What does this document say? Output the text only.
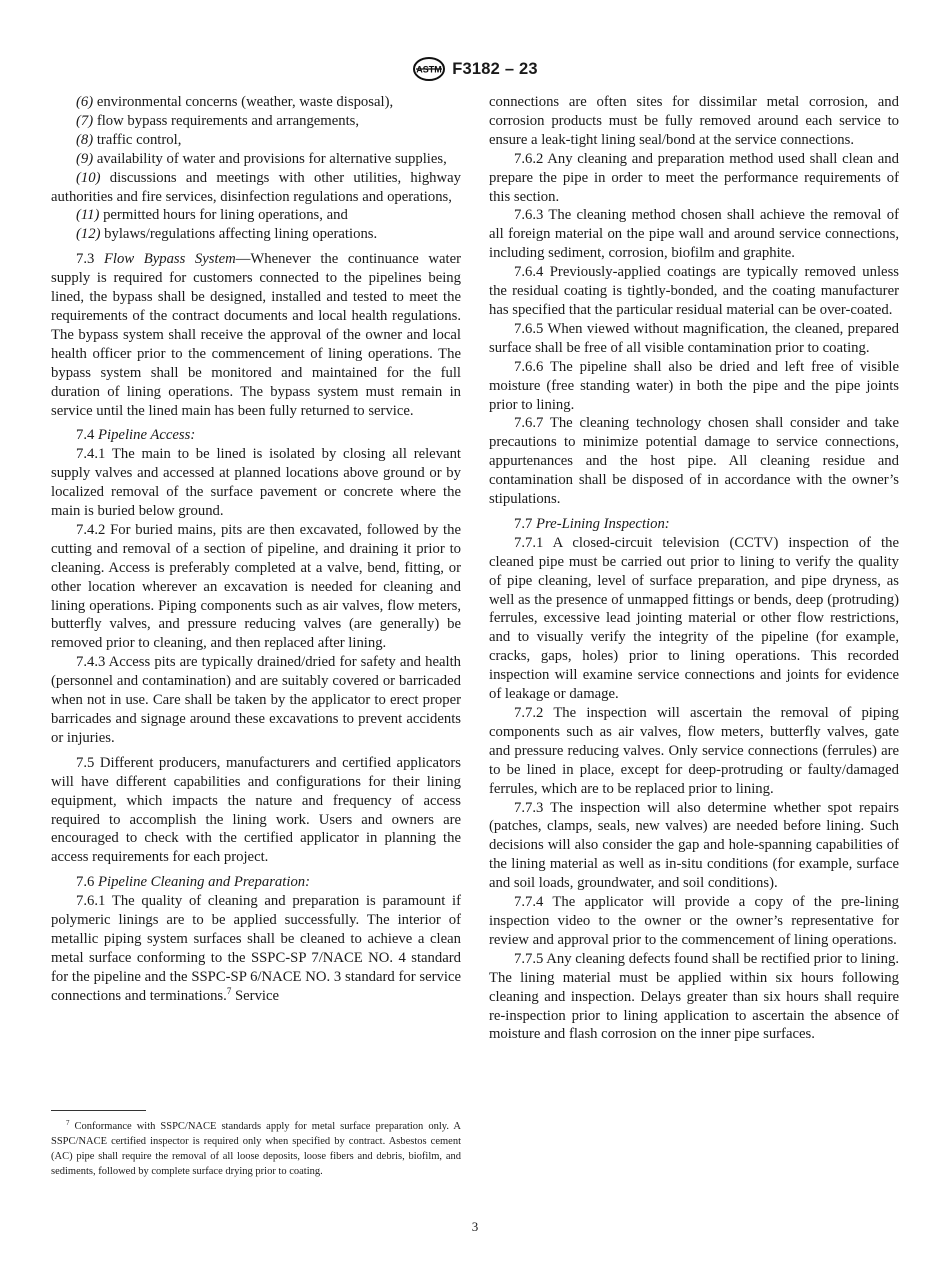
ASTM F3182 – 23

(6) environmental concerns (weather, waste disposal),

(7) flow bypass requirements and arrangements,

(8) traffic control,

(9) availability of water and provisions for alternative supplies,

(10) discussions and meetings with other utilities, highway authorities and fire services, disinfection regulations and operations,

(11) permitted hours for lining operations, and

(12) bylaws/regulations affecting lining operations.

7.3 Flow Bypass System—Whenever the continuance water supply is required for customers connected to the pipelines being lined, the bypass shall be designed, installed and tested to meet the requirements of the contract documents and local health regulations. The bypass system shall receive the approval of the owner and local health officer prior to the commencement of lining operations. The bypass system shall be monitored and maintained for the full duration of lining operations. The bypass system must remain in service until the lined main has been fully returned to service.

7.4 Pipeline Access:

7.4.1 The main to be lined is isolated by closing all relevant supply valves and accessed at planned locations above ground or by localized removal of the surface pavement or concrete where the main is buried below ground.

7.4.2 For buried mains, pits are then excavated, followed by the cutting and removal of a section of pipeline, and draining it prior to cleaning. Access is preferably completed at a valve, bend, fitting, or other location wherever an excavation is needed for cleaning and lining operations. Piping components such as air valves, flow meters, butterfly valves, and pressure reducing valves (are generally) be removed prior to cleaning, and then replaced after lining.

7.4.3 Access pits are typically drained/dried for safety and health (personnel and contamination) and are suitably covered or barricaded when not in use. Care shall be taken by the applicator to erect proper barricades and signage around these excavations to prevent accidents or injuries.

7.5 Different producers, manufacturers and certified applicators will have different capabilities and configurations for their lining equipment, which impacts the nature and frequency of access required to accomplish the lining work. Users and owners are encouraged to check with the certified applicator in planning the access requirements for each project.

7.6 Pipeline Cleaning and Preparation:

7.6.1 The quality of cleaning and preparation is paramount if polymeric linings are to be applied successfully. The interior of metallic piping system surfaces shall be cleaned to achieve a clean metal surface conforming to the SSPC-SP 7/NACE NO. 4 standard for the pipeline and the SSPC-SP 6/NACE NO. 3 standard for service connections and terminations.$^7$ Service

connections are often sites for dissimilar metal corrosion, and corrosion products must be fully removed around each service to ensure a leak-tight lining seal/bond at the service connections.

7.6.2 Any cleaning and preparation method used shall clean and prepare the pipe in order to meet the performance requirements of this section.

7.6.3 The cleaning method chosen shall achieve the removal of all foreign material on the pipe wall and around service connections, including sediment, corrosion, biofilm and graphite.

7.6.4 Previously-applied coatings are typically removed unless the residual coating is tightly-bonded, and the coating manufacturer has specified that the particular residual material can be over-coated.

7.6.5 When viewed without magnification, the cleaned, prepared surface shall be free of all visible contamination prior to coating.

7.6.6 The pipeline shall also be dried and left free of visible moisture (free standing water) in both the pipe and the pipe joints prior to lining.

7.6.7 The cleaning technology chosen shall consider and take precautions to minimize potential damage to service connections, appurtenances and the host pipe. All cleaning residue and contamination shall be disposed of in accordance with the owner’s stipulations.

7.7 Pre-Lining Inspection:

7.7.1 A closed-circuit television (CCTV) inspection of the cleaned pipe must be carried out prior to lining to verify the quality of pipe cleaning, level of surface preparation, and pipe dryness, as well as the presence of unmapped fittings or bends, deep (protruding) ferrules, excessive lead jointing material or other flow restrictions, and to visually verify the integrity of the pipeline (for example, cracks, gaps, holes) prior to lining operations. This recorded inspection will examine service connections and joints for evidence of leakage or damage.

7.7.2 The inspection will ascertain the removal of piping components such as air valves, flow meters, butterfly valves, gate and pressure reducing valves. Only service connections (ferrules) are to be lined in place, except for deep-protruding or faulty/damaged ferrules, which are to be replaced prior to lining.

7.7.3 The inspection will also determine whether spot repairs (patches, clamps, seals, new valves) are needed before lining. Such decisions will also consider the gap and hole-spanning capabilities of the lining material as well as in-situ conditions (for example, surface and soil loads, groundwater, and soil conditions).

7.7.4 The applicator will provide a copy of the pre-lining inspection video to the owner or the owner’s representative for review and approval prior to the commencement of lining operations.

7.7.5 Any cleaning defects found shall be rectified prior to lining. The lining material must be applied within six hours following cleaning and inspection. Delays greater than six hours shall require re-inspection prior to lining application to ascertain the absence of moisture and flash corrosion on the inner pipe surfaces.

$^7$ Conformance with SSPC/NACE standards apply for metal surface preparation only. A SSPC/NACE certified inspector is required only when specified by contract. Asbestos cement (AC) pipe shall require the removal of all loose deposits, loose fibers and debris, biofilm, and sediments, followed by complete surface drying prior to coating.

3
